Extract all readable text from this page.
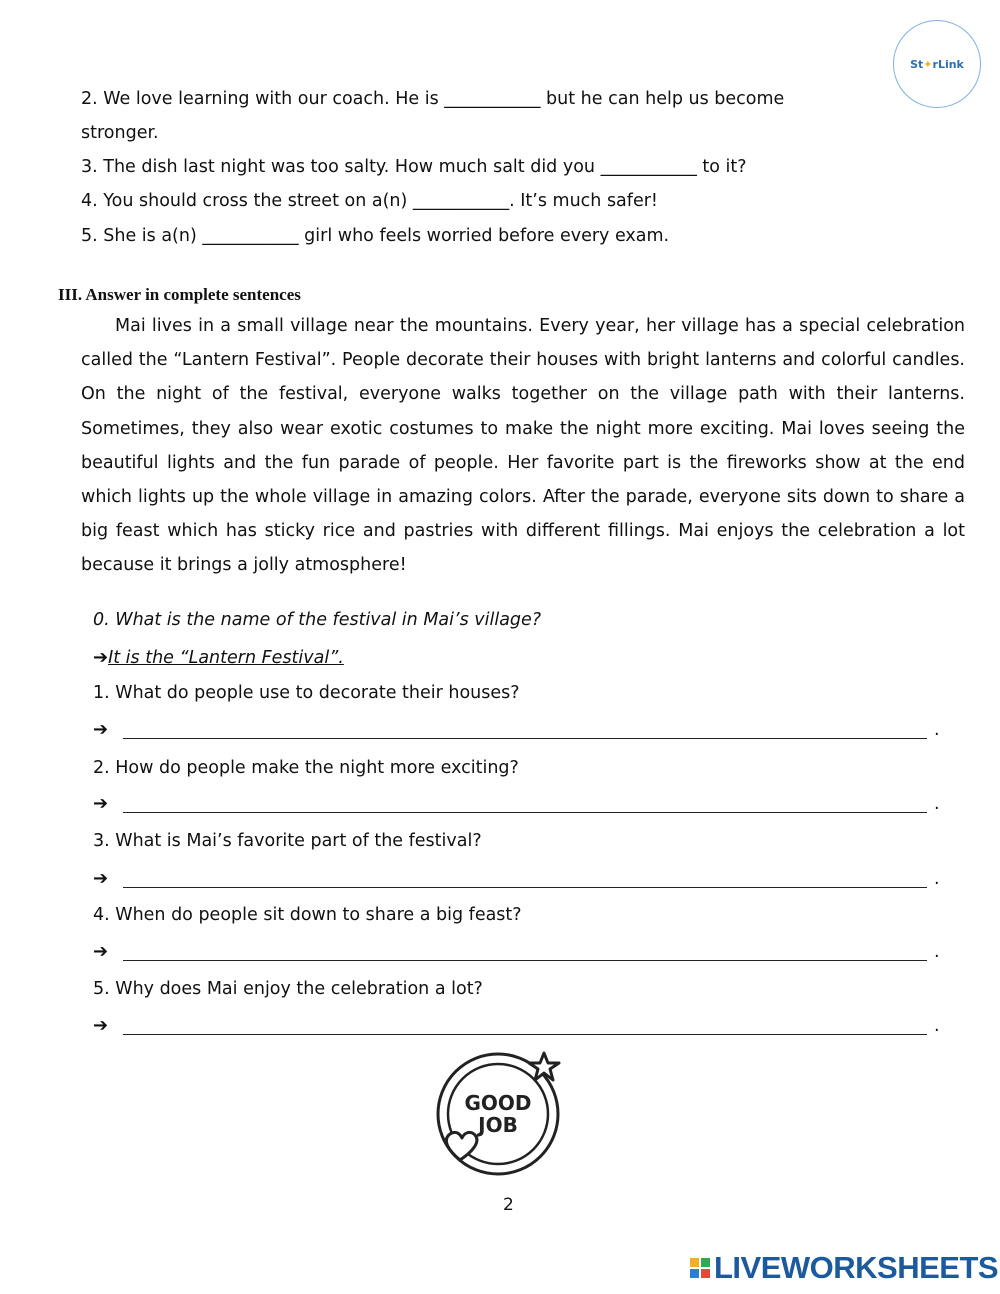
St ✦ rLink
2. We love learning with our coach. He is ___________ but he can help us become
stronger.
3. The dish last night was too salty. How much salt did you ___________ to it?
4. You should cross the street on a(n) ___________. It’s much safer!
5. She is a(n) ___________ girl who feels worried before every exam.
III. Answer in complete sentences
Mai lives in a small village near the mountains. Every year, her village has a special celebration called the “Lantern Festival”. People decorate their houses with bright lanterns and colorful candles. On the night of the festival, everyone walks together on the village path with their lanterns. Sometimes, they also wear exotic costumes to make the night more exciting. Mai loves seeing the beautiful lights and the fun parade of people. Her favorite part is the fireworks show at the end which lights up the whole village in amazing colors. After the parade, everyone sits down to share a big feast which has sticky rice and pastries with different fillings. Mai enjoys the celebration a lot because it brings a jolly atmosphere!
0. What is the name of the festival in Mai’s village?
➔It is the “Lantern Festival”.
1. What do people use to decorate their houses?
➔	.
2. How do people make the night more exciting?
➔	.
3. What is Mai’s favorite part of the festival?
➔	.
4. When do people sit down to share a big feast?
➔	.
5. Why does Mai enjoy the celebration a lot?
➔	.
GOOD
JOB
2
LIVEWORKSHEETS
